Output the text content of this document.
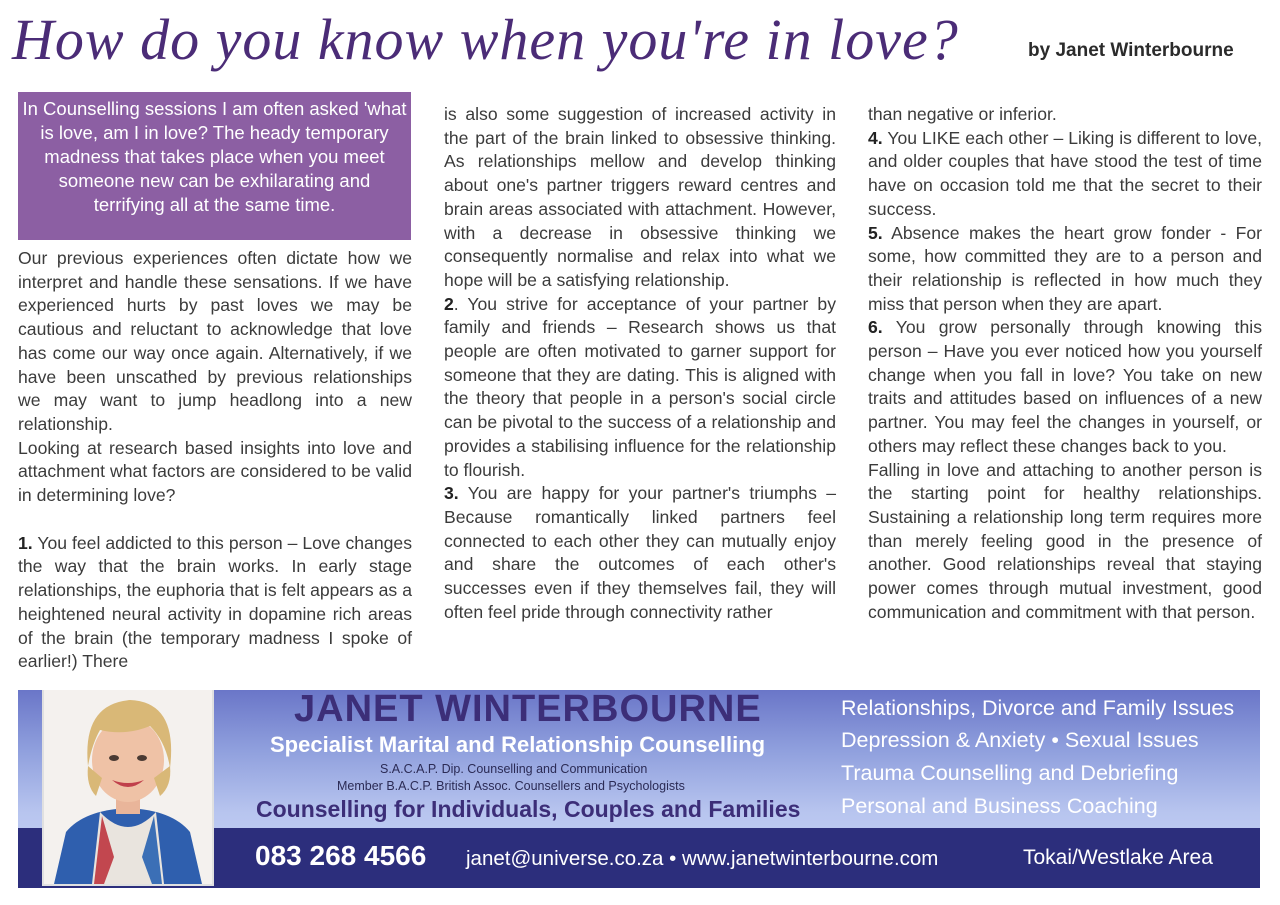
How do you know when you're in love?	by Janet Winterbourne
In Counselling sessions I am often asked 'what is love, am I in love? The heady temporary madness that takes place when you meet someone new can be exhilarating and terrifying all at the same time.

Our previous experiences often dictate how we interpret and handle these sensations. If we have experienced hurts by past loves we may be cautious and reluctant to acknowledge that love has come our way once again. Alternatively, if we have been unscathed by previous relationships we may want to jump headlong into a new relationship.

Looking at research based insights into love and attachment what factors are considered to be valid in determining love?

1. You feel addicted to this person – Love changes the way that the brain works. In early stage relationships, the euphoria that is felt appears as a heightened neural activity in dopamine rich areas of the brain (the temporary madness I spoke of earlier!) There

is also some suggestion of increased activity in the part of the brain linked to obsessive thinking. As relationships mellow and develop thinking about one's partner triggers reward centres and brain areas associated with attachment. However, with a decrease in obsessive thinking we consequently normalise and relax into what we hope will be a satisfying relationship.

2. You strive for acceptance of your partner by family and friends – Research shows us that people are often motivated to garner support for someone that they are dating. This is aligned with the theory that people in a person's social circle can be pivotal to the success of a relationship and provides a stabilising influence for the relationship to flourish.

3. You are happy for your partner's triumphs –Because romantically linked partners feel connected to each other they can mutually enjoy and share the outcomes of each other's successes even if they themselves fail, they will often feel pride through connectivity rather

than negative or inferior.

4. You LIKE each other – Liking is different to love, and older couples that have stood the test of time have on occasion told me that the secret to their success.

5. Absence makes the heart grow fonder - For some, how committed they are to a person and their relationship is reflected in how much they miss that person when they are apart.

6. You grow personally through knowing this person – Have you ever noticed how you yourself change when you fall in love? You take on new traits and attitudes based on influences of a new partner. You may feel the changes in yourself, or others may reflect these changes back to you.

Falling in love and attaching to another person is the starting point for healthy relationships. Sustaining a relationship long term requires more than merely feeling good in the presence of another. Good relationships reveal that staying power comes through mutual investment, good communication and commitment with that person.

JANET WINTERBOURNE
Specialist Marital and Relationship Counselling
S.A.C.A.P. Dip. Counselling and Communication
Member B.A.C.P. British Assoc. Counsellers and Psychologists
Counselling for Individuals, Couples and Families
Relationships, Divorce and Family Issues
Depression & Anxiety • Sexual Issues
Trauma Counselling and Debriefing
Personal and Business Coaching
083 268 4566 janet@universe.co.za • www.janetwinterbourne.com	Tokai/Westlake Area
